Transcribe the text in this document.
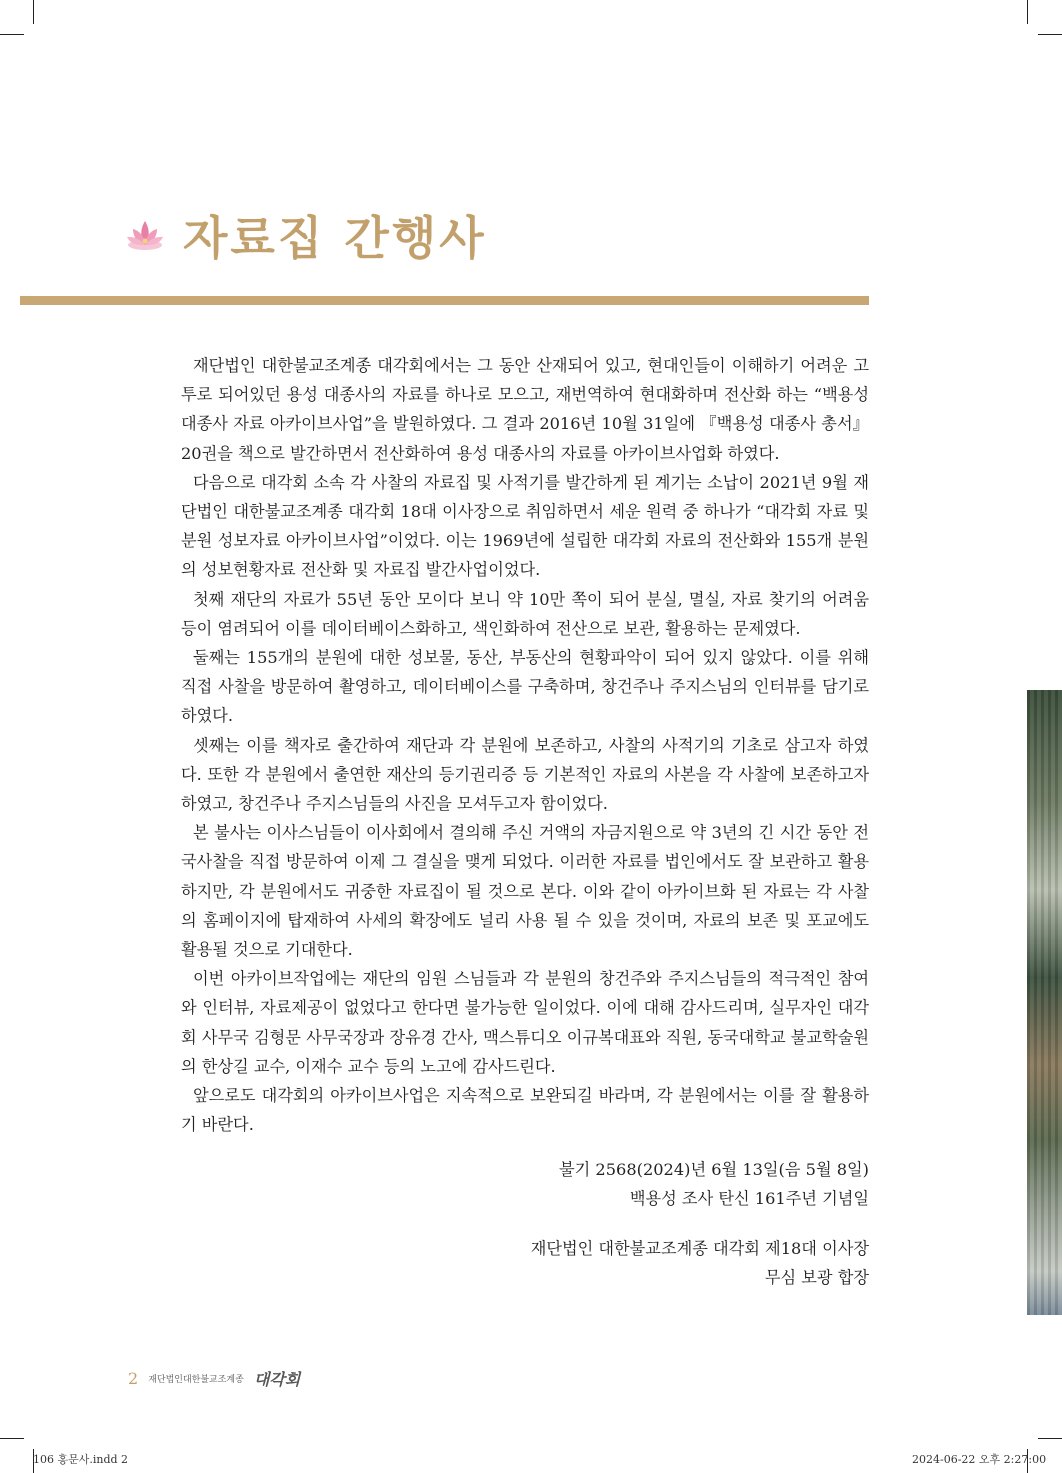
자료집 간행사

재단법인 대한불교조계종 대각회에서는 그 동안 산재되어 있고, 현대인들이 이해하기 어려운 고투로 되어있던 용성 대종사의 자료를 하나로 모으고, 재번역하여 현대화하며 전산화 하는 “백용성 대종사 자료 아카이브사업”을 발원하였다. 그 결과 2016년 10월 31일에 『백용성 대종사 총서』 20권을 책으로 발간하면서 전산화하여 용성 대종사의 자료를 아카이브사업화 하였다.

다음으로 대각회 소속 각 사찰의 자료집 및 사적기를 발간하게 된 계기는 소납이 2021년 9월 재단법인 대한불교조계종 대각회 18대 이사장으로 취임하면서 세운 원력 중 하나가 “대각회 자료 및 분원 성보자료 아카이브사업”이었다. 이는 1969년에 설립한 대각회 자료의 전산화와 155개 분원의 성보현황자료 전산화 및 자료집 발간사업이었다.

첫째 재단의 자료가 55년 동안 모이다 보니 약 10만 쪽이 되어 분실, 멸실, 자료 찾기의 어려움 등이 염려되어 이를 데이터베이스화하고, 색인화하여 전산으로 보관, 활용하는 문제였다.

둘째는 155개의 분원에 대한 성보물, 동산, 부동산의 현황파악이 되어 있지 않았다. 이를 위해 직접 사찰을 방문하여 촬영하고, 데이터베이스를 구축하며, 창건주나 주지스님의 인터뷰를 담기로 하였다.

셋째는 이를 책자로 출간하여 재단과 각 분원에 보존하고, 사찰의 사적기의 기초로 삼고자 하였다. 또한 각 분원에서 출연한 재산의 등기권리증 등 기본적인 자료의 사본을 각 사찰에 보존하고자 하였고, 창건주나 주지스님들의 사진을 모셔두고자 함이었다.

본 불사는 이사스님들이 이사회에서 결의해 주신 거액의 자금지원으로 약 3년의 긴 시간 동안 전국사찰을 직접 방문하여 이제 그 결실을 맺게 되었다. 이러한 자료를 법인에서도 잘 보관하고 활용하지만, 각 분원에서도 귀중한 자료집이 될 것으로 본다. 이와 같이 아카이브화 된 자료는 각 사찰의 홈페이지에 탑재하여 사세의 확장에도 널리 사용 될 수 있을 것이며, 자료의 보존 및 포교에도 활용될 것으로 기대한다.

이번 아카이브작업에는 재단의 임원 스님들과 각 분원의 창건주와 주지스님들의 적극적인 참여와 인터뷰, 자료제공이 없었다고 한다면 불가능한 일이었다. 이에 대해 감사드리며, 실무자인 대각회 사무국 김형문 사무국장과 장유경 간사, 맥스튜디오 이규복대표와 직원, 동국대학교 불교학술원의 한상길 교수, 이재수 교수 등의 노고에 감사드린다.

앞으로도 대각회의 아카이브사업은 지속적으로 보완되길 바라며, 각 분원에서는 이를 잘 활용하기 바란다.

불기 2568(2024)년 6월 13일(음 5월 8일)
백용성 조사 탄신 161주년 기념일
재단법인 대한불교조계종 대각회 제18대 이사장
무심 보광 합장
2 재단법인대한불교조계종 대각회
106 홍문사.indd 2	2024-06-22 오후 2:27:00
